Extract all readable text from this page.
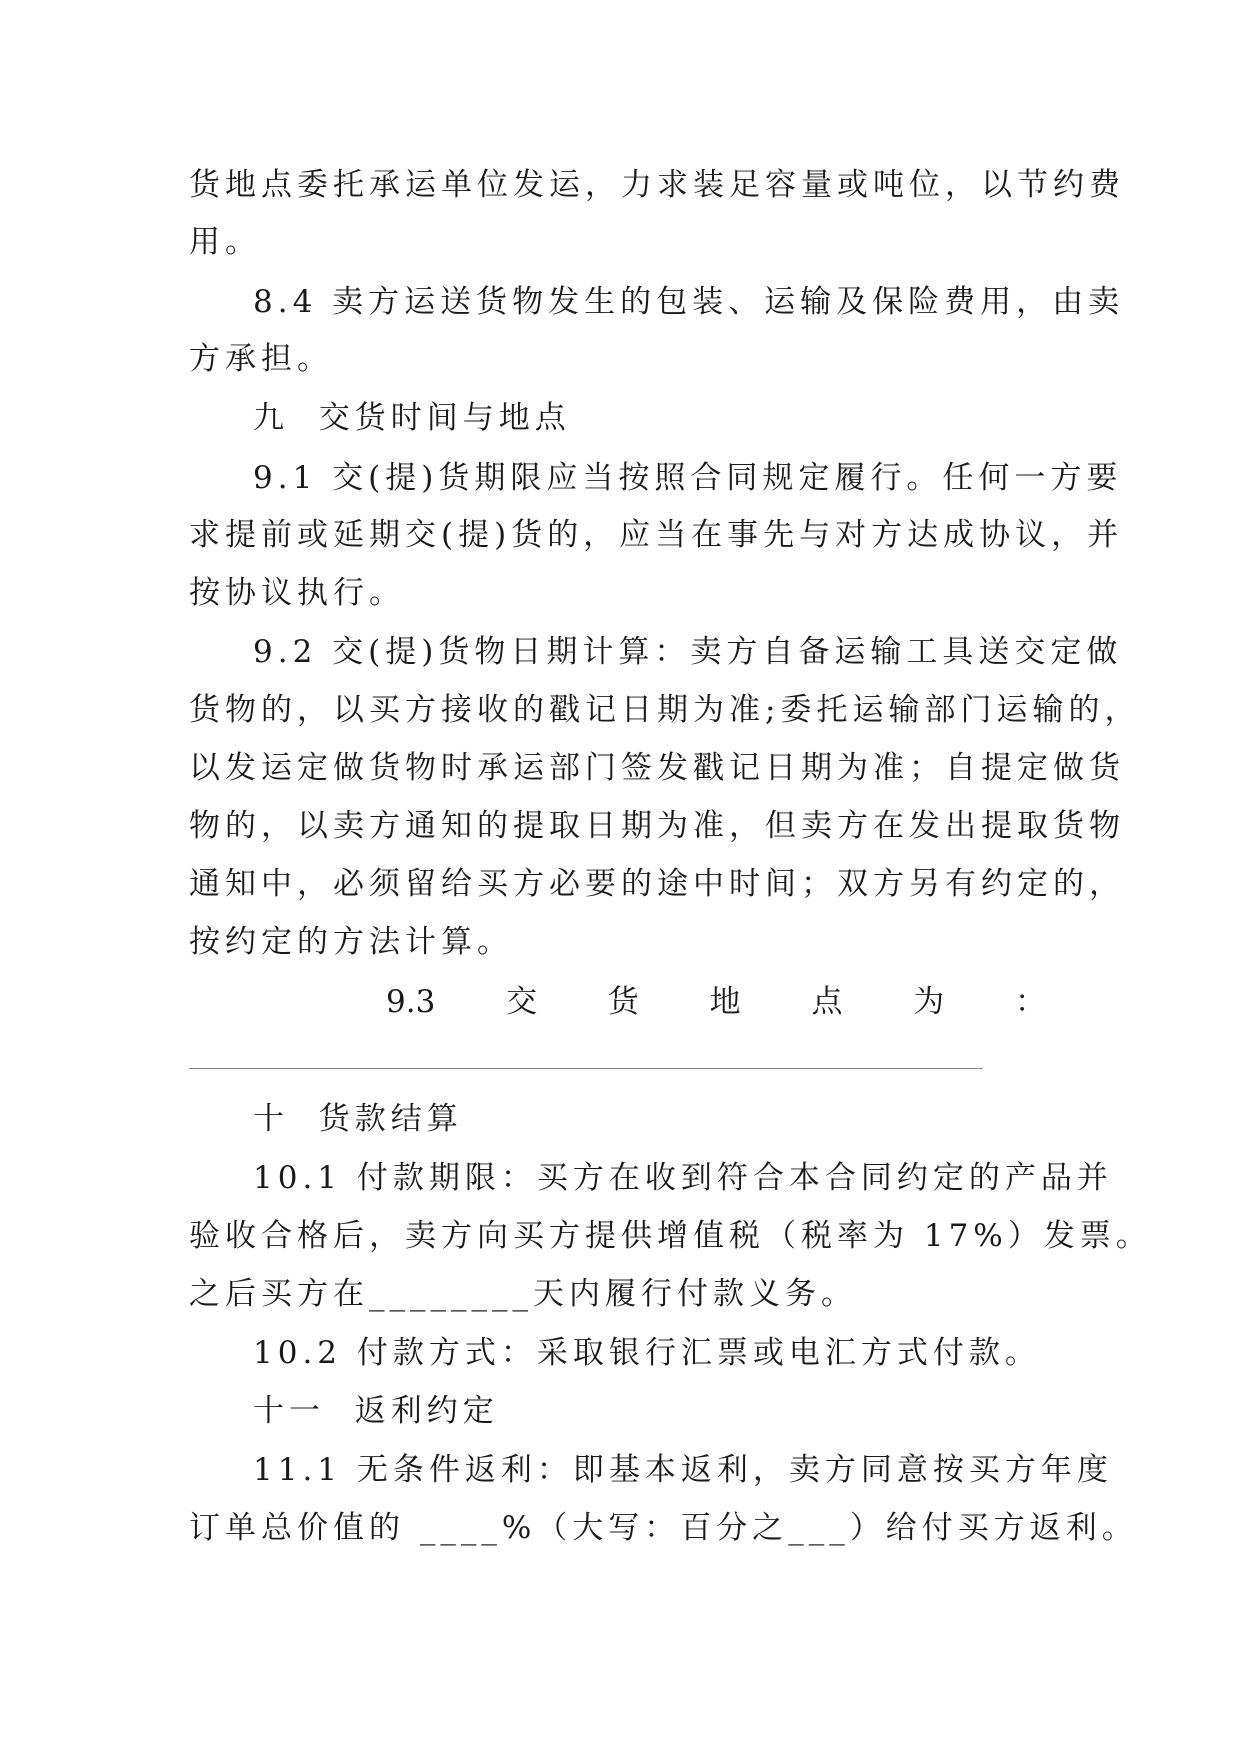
货地点委托承运单位发运，力求装足容量或吨位，以节约费
用。
8.4 卖方运送货物发生的包装、运输及保险费用，由卖
方承担。
九  交货时间与地点
9.1 交(提)货期限应当按照合同规定履行。任何一方要
求提前或延期交(提)货的，应当在事先与对方达成协议，并
按协议执行。
9.2 交(提)货物日期计算：卖方自备运输工具送交定做
货物的，以买方接收的戳记日期为准;委托运输部门运输的，
以发运定做货物时承运部门签发戳记日期为准；自提定做货
物的，以卖方通知的提取日期为准，但卖方在发出提取货物
通知中，必须留给买方必要的途中时间；双方另有约定的，
按约定的方法计算。
9.3 交 货 地 点 为 ：
十  货款结算
10.1 付款期限：买方在收到符合本合同约定的产品并
验收合格后，卖方向买方提供增值税（税率为 17%）发票。
之后买方在________天内履行付款义务。
10.2 付款方式：采取银行汇票或电汇方式付款。
十一  返利约定
11.1 无条件返利：即基本返利，卖方同意按买方年度
订单总价值的 ____%（大写：百分之___）给付买方返利。
